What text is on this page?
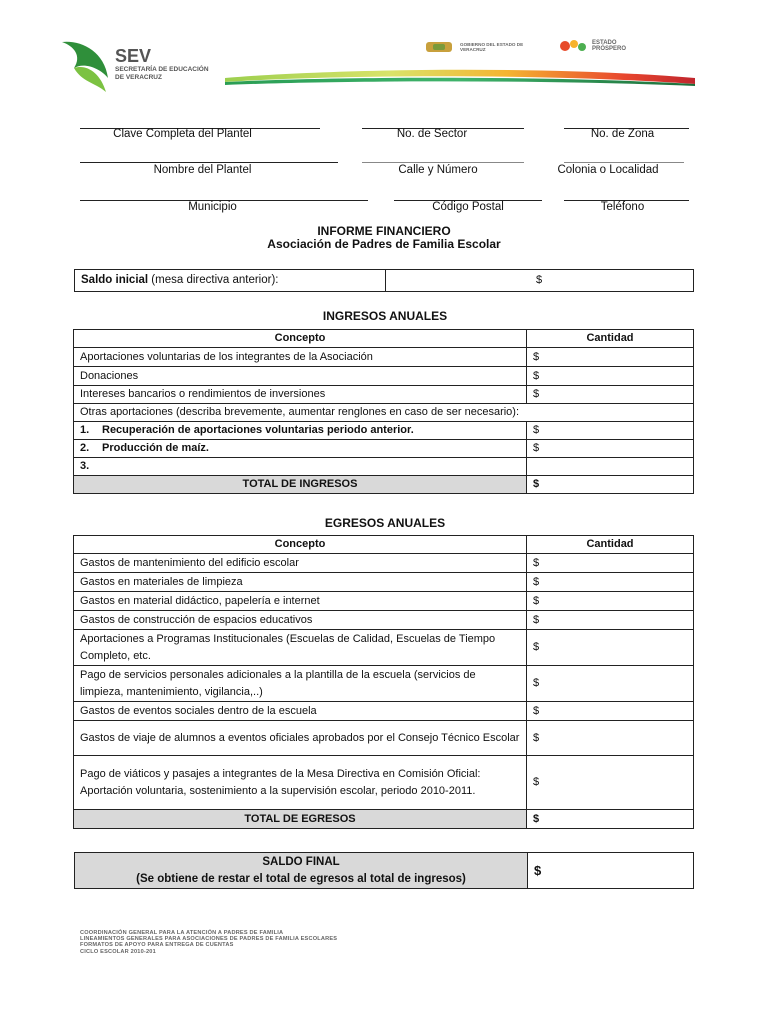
SEV
SECRETARÍA DE EDUCACIÓN
DE VERACRUZ
GOBIERNO DEL ESTADO DE VERACRUZ
ESTADO
PRÓSPERO
Clave Completa del Plantel	No. de Sector	No. de Zona
Nombre del Plantel	Calle y Número	Colonia o Localidad
Municipio	Código Postal	Teléfono
INFORME FINANCIERO
Asociación de Padres de Familia Escolar
Saldo inicial (mesa directiva anterior):	$
INGRESOS ANUALES
Concepto	Cantidad
Aportaciones voluntarias de los integrantes de la Asociación	$
Donaciones	$
Intereses bancarios o rendimientos de inversiones	$
Otras aportaciones (describa brevemente, aumentar renglones en caso de ser necesario):	
1. Recuperación de aportaciones voluntarias periodo anterior.	$
2. Producción de maíz.	$
3.	
TOTAL DE INGRESOS	$
EGRESOS ANUALES
Concepto	Cantidad
Gastos de mantenimiento del edificio escolar	$
Gastos en materiales de limpieza	$
Gastos en material didáctico, papelería e internet	$
Gastos de construcción de espacios educativos	$
Aportaciones a Programas Institucionales (Escuelas de Calidad, Escuelas de Tiempo Completo, etc.	$
Pago de servicios personales adicionales a la plantilla de la escuela (servicios de limpieza, mantenimiento, vigilancia,..)	$
Gastos de eventos sociales dentro de la escuela	$
Gastos de viaje de alumnos a eventos oficiales aprobados por el Consejo Técnico Escolar	$
Pago de viáticos y pasajes a integrantes de la Mesa Directiva en Comisión Oficial: Aportación voluntaria, sostenimiento a la supervisión escolar, periodo 2010-2011.	$
TOTAL DE EGRESOS	$
SALDO FINAL
(Se obtiene de restar el total de egresos al total de ingresos)
	$
COORDINACIÓN GENERAL PARA LA ATENCIÓN A PADRES DE FAMILIA
LINEAMIENTOS GENERALES PARA ASOCIACIONES DE PADRES DE FAMILIA ESCOLARES
FORMATOS DE APOYO PARA ENTREGA DE CUENTAS
CICLO ESCOLAR 2010-201
